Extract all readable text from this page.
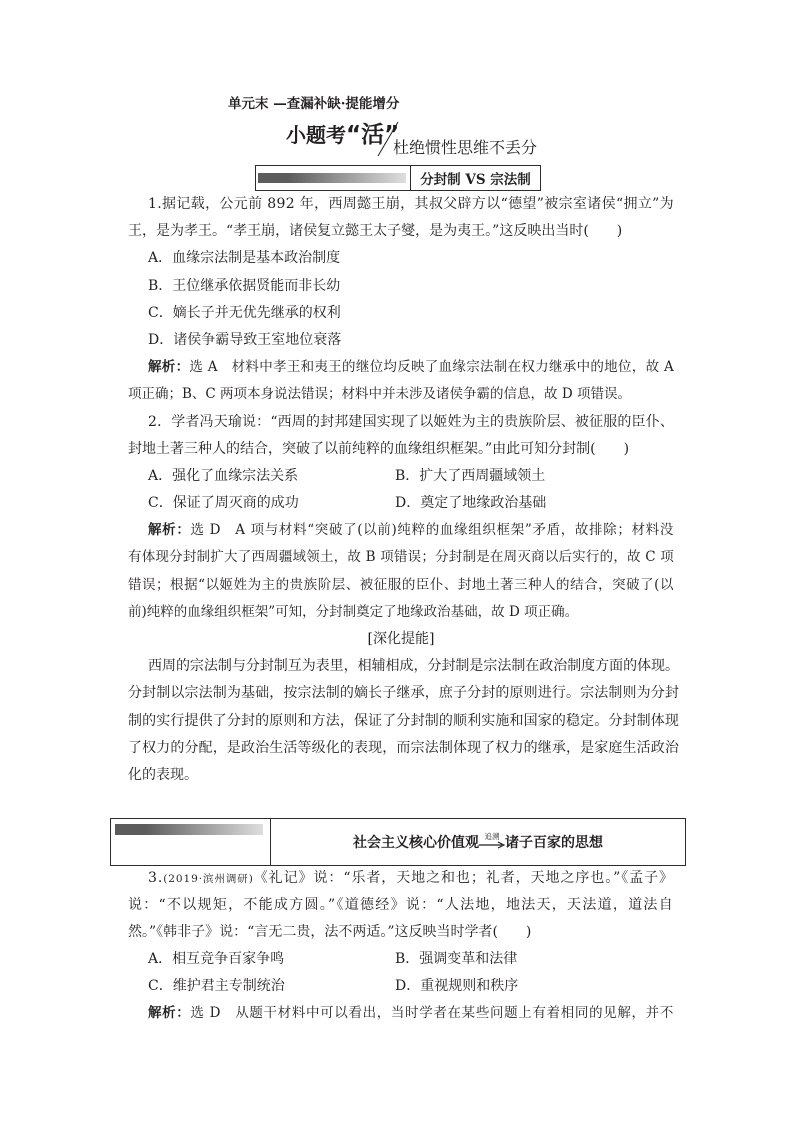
单元末 —查漏补缺·提能增分
小题考“活”
杜绝惯性思维不丢分
分封制 VS 宗法制
1.据记载，公元前 892 年，西周懿王崩，其叔父辟方以“德望”被宗室诸侯“拥立”为
王，是为孝王。“孝王崩，诸侯复立懿王太子燮，是为夷王。”这反映出当时(　　)
A．血缘宗法制是基本政治制度
B．王位继承依据贤能而非长幼
C．嫡长子并无优先继承的权利
D．诸侯争霸导致王室地位衰落
解析：选 A　材料中孝王和夷王的继位均反映了血缘宗法制在权力继承中的地位，故 A
项正确；B、C 两项本身说法错误；材料中并未涉及诸侯争霸的信息，故 D 项错误。
2．学者冯天瑜说：“西周的封邦建国实现了以姬姓为主的贵族阶层、被征服的臣仆、
封地土著三种人的结合，突破了以前纯粹的血缘组织框架。”由此可知分封制(　　)
A．强化了血缘宗法关系	B．扩大了西周疆域领土
C．保证了周灭商的成功	D．奠定了地缘政治基础
解析：选 D　A 项与材料“突破了(以前)纯粹的血缘组织框架”矛盾，故排除；材料没
有体现分封制扩大了西周疆域领土，故 B 项错误；分封制是在周灭商以后实行的，故 C 项
错误；根据“以姬姓为主的贵族阶层、被征服的臣仆、封地土著三种人的结合，突破了(以
前)纯粹的血缘组织框架”可知，分封制奠定了地缘政治基础，故 D 项正确。
[深化提能]
西周的宗法制与分封制互为表里，相辅相成，分封制是宗法制在政治制度方面的体现。
分封制以宗法制为基础，按宗法制的嫡长子继承，庶子分封的原则进行。宗法制则为分封
制的实行提供了分封的原则和方法，保证了分封制的顺利实施和国家的稳定。分封制体现
了权力的分配，是政治生活等级化的表现，而宗法制体现了权力的继承，是家庭生活政治
化的表现。
社会主义核心价值观 追溯 诸子百家的思想
3.(2019·滨州调研)《礼记》说：“乐者，天地之和也；礼者，天地之序也。”《孟子》
说：“不以规矩，不能成方圆。”《道德经》说：“人法地，地法天，天法道，道法自
然。”《韩非子》说：“言无二贵，法不两适。”这反映当时学者(　　)
A．相互竞争百家争鸣	B．强调变革和法律
C．维护君主专制统治	D．重视规则和秩序
解析：选 D　从题干材料中可以看出，当时学者在某些问题上有着相同的见解，并不
